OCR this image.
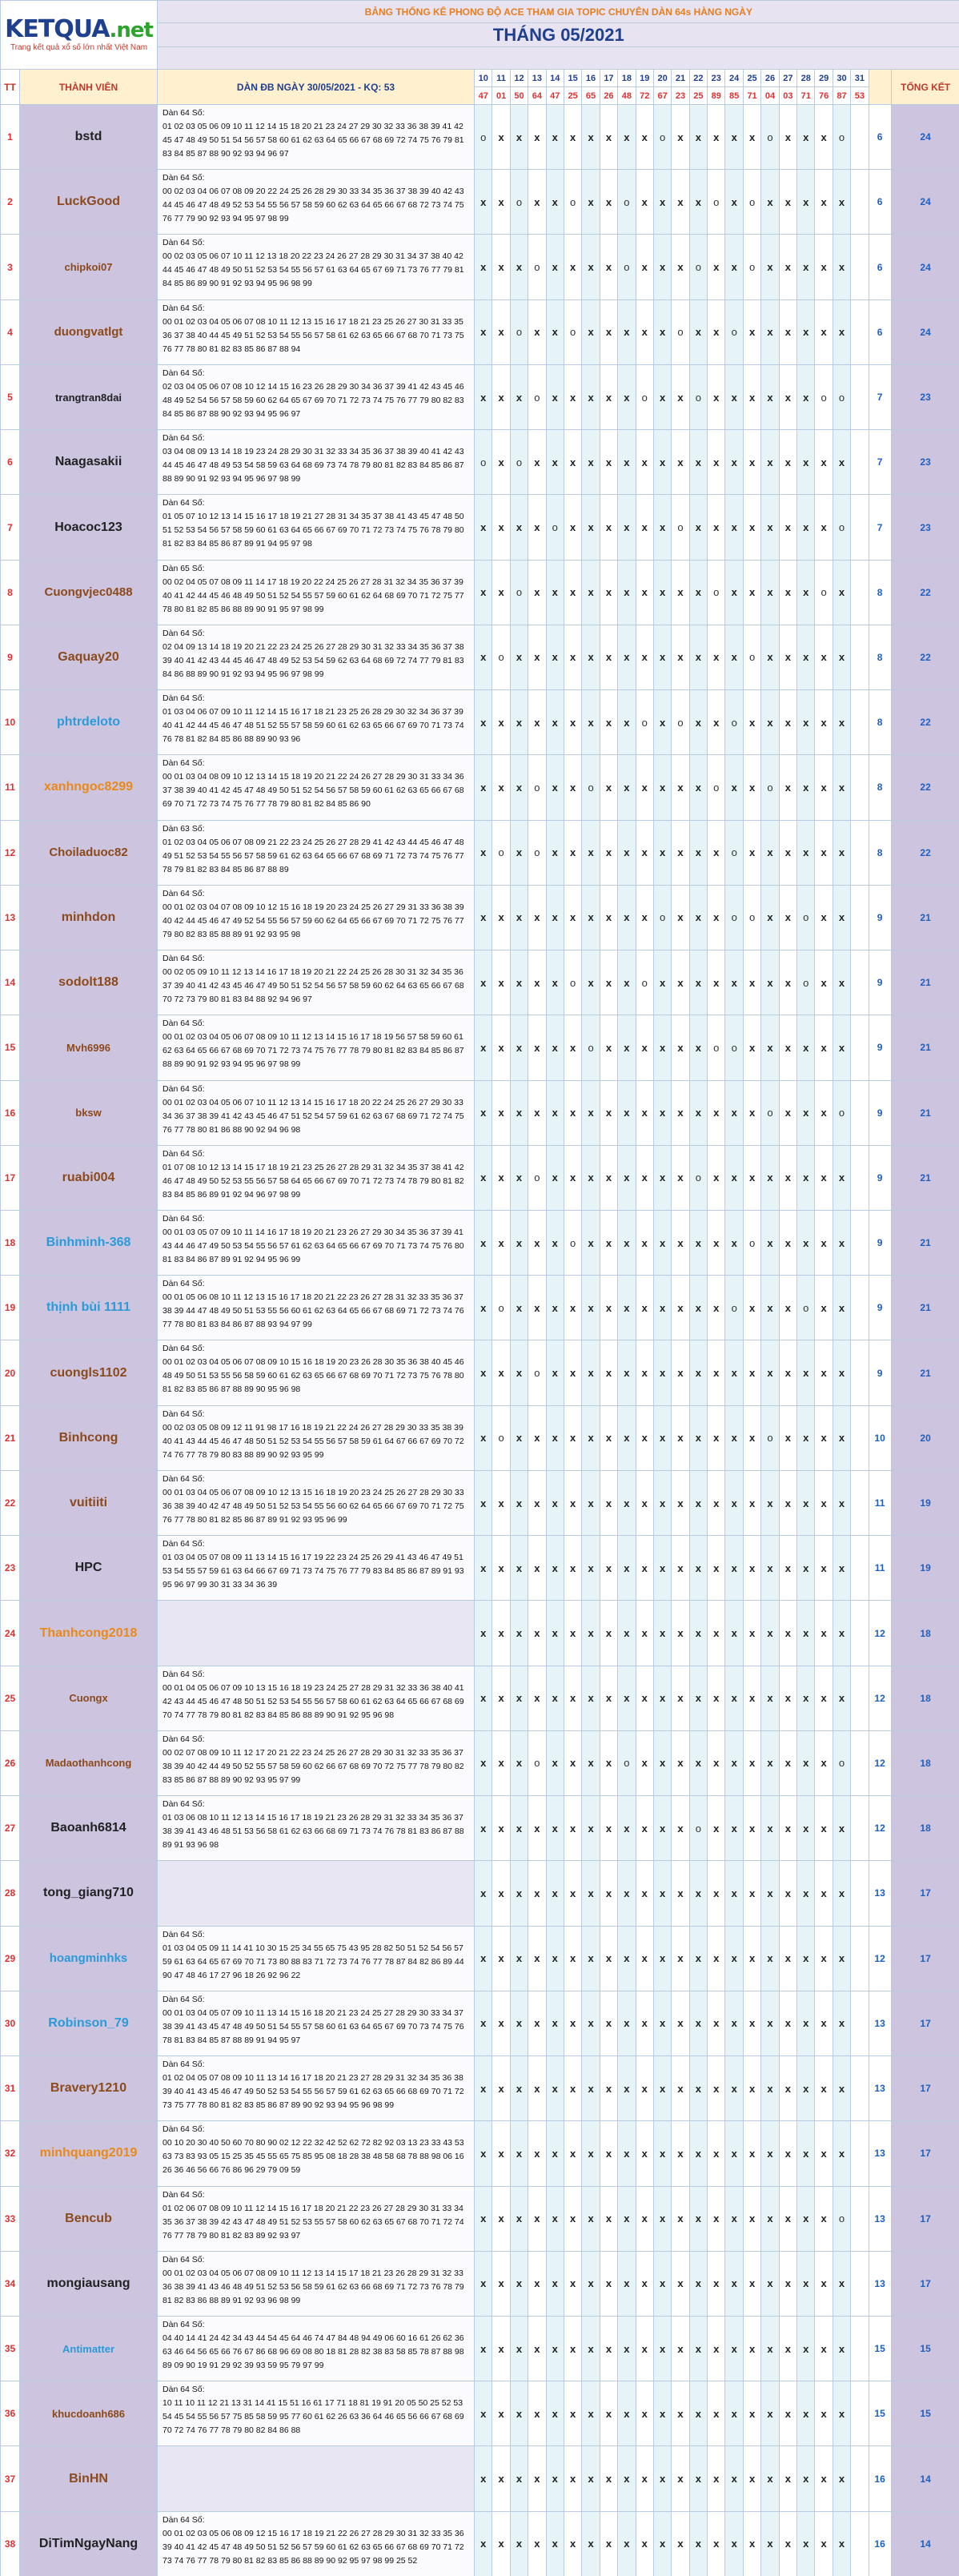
KETQUA.net
Trang kết quả xổ số lớn nhất Việt Nam		BẢNG THỐNG KÊ PHONG ĐỘ ACE THAM GIA TOPIC CHUYÊN DÀN 64s HÀNG NGÀY																								
		THÁNG 05/2021																								

TT	THÀNH VIÊN	DÀN ĐB NGÀY 30/05/2021 - KQ: 53	10	11	12	13	14	15	16	17	18	19	20	21	22	23	24	25	26	27	28	29	30	31		TỔNG KẾT
			47	01	50	64	47	25	65	26	48	72	67	23	25	89	85	71	04	03	71	76	87	53		
1	bstd	Dàn 64 Số:
01 02 03 05 06 09 10 11 12 14 15 18 20 21 23 24 27 29 30 32 33 36 38 39 41 42 45 47 48 49 50 51 54 56 57 58 60 61 62 63 64 65 66 67 68 69 72 74 75 76 79 81 83 84 85 87 88 90 92 93 94 96 97	o	x	x	x	x	x	x	x	x	x	o	x	x	x	x	x	o	x	x	x	o		6	24
2	LuckGood	Dàn 64 Số:
00 02 03 04 06 07 08 09 20 22 24 25 26 28 29 30 33 34 35 36 37 38 39 40 42 43 44 45 46 47 48 49 52 53 54 55 56 57 58 59 60 62 63 64 65 66 67 68 72 73 74 75 76 77 79 90 92 93 94 95 97 98 99	x	x	o	x	x	o	x	x	o	x	x	x	x	o	x	o	x	x	x	x	x		6	24
3	chipkoi07	Dàn 64 Số:
00 02 03 05 06 07 10 11 12 13 18 20 22 23 24 26 27 28 29 30 31 34 37 38 40 42 44 45 46 47 48 49 50 51 52 53 54 55 56 57 61 63 64 65 67 69 71 73 76 77 79 81 84 85 86 89 90 91 92 93 94 95 96 98 99	x	x	x	o	x	x	x	x	o	x	x	x	o	x	x	o	x	x	x	x	x		6	24
4	duongvatlgt	Dàn 64 Số:
00 01 02 03 04 05 06 07 08 10 11 12 13 15 16 17 18 21 23 25 26 27 30 31 33 35 36 37 38 40 44 45 49 51 52 53 54 55 56 57 58 61 62 63 65 66 67 68 70 71 73 75 76 77 78 80 81 82 83 85 86 87 88 94	x	x	o	x	x	o	x	x	x	x	x	o	x	x	o	x	x	x	x	x	x		6	24
5	trangtran8dai	Dàn 64 Số:
02 03 04 05 06 07 08 10 12 14 15 16 23 26 28 29 30 34 36 37 39 41 42 43 45 46 48 49 52 54 56 57 58 59 60 62 64 65 67 69 70 71 72 73 74 75 76 77 79 80 82 83 84 85 86 87 88 90 92 93 94 95 96 97	x	x	x	o	x	x	x	x	x	o	x	x	o	x	x	x	x	x	x	o	o		7	23
6	Naagasakii	Dàn 64 Số:
03 04 08 09 13 14 18 19 23 24 28 29 30 31 32 33 34 35 36 37 38 39 40 41 42 43 44 45 46 47 48 49 53 54 58 59 63 64 68 69 73 74 78 79 80 81 82 83 84 85 86 87 88 89 90 91 92 93 94 95 96 97 98 99	o	x	o	x	x	x	x	x	x	x	x	x	x	x	x	x	x	x	x	x	x		7	23
7	Hoacoc123	Dàn 64 Số:
01 05 07 10 12 13 14 15 16 17 18 19 21 27 28 31 34 35 37 38 41 43 45 47 48 50 51 52 53 54 56 57 58 59 60 61 63 64 65 66 67 69 70 71 72 73 74 75 76 78 79 80 81 82 83 84 85 86 87 89 91 94 95 97 98	x	x	x	x	o	x	x	x	x	x	x	o	x	x	x	x	x	x	x	x	o		7	23
8	Cuongvjec0488	Dàn 65 Số:
00 02 04 05 07 08 09 11 14 17 18 19 20 22 24 25 26 27 28 31 32 34 35 36 37 39 40 41 42 44 45 46 48 49 50 51 52 54 55 57 59 60 61 62 64 68 69 70 71 72 75 77 78 80 81 82 85 86 88 89 90 91 95 97 98 99	x	x	o	x	x	x	x	x	x	x	x	x	x	o	x	x	x	x	x	o	x		8	22
9	Gaquay20	Dàn 64 Số:
02 04 09 13 14 18 19 20 21 22 23 24 25 26 27 28 29 30 31 32 33 34 35 36 37 38 39 40 41 42 43 44 45 46 47 48 49 52 53 54 59 62 63 64 68 69 72 74 77 79 81 83 84 86 88 89 90 91 92 93 94 95 96 97 98 99	x	o	x	x	x	x	x	x	x	x	x	x	x	x	x	o	x	x	x	x	x		8	22
10	phtrdeloto	Dàn 64 Số:
01 03 04 06 07 09 10 11 12 14 15 16 17 18 21 23 25 26 28 29 30 32 34 36 37 39 40 41 42 44 45 46 47 48 51 52 55 57 58 59 60 61 62 63 65 66 67 69 70 71 73 74 76 78 81 82 84 85 86 88 89 90 93 96	x	x	x	x	x	x	x	x	x	o	x	o	x	x	o	x	x	x	x	x	x		8	22
11	xanhngoc8299	Dàn 64 Số:
00 01 03 04 08 09 10 12 13 14 15 18 19 20 21 22 24 26 27 28 29 30 31 33 34 36 37 38 39 40 41 42 45 47 48 49 50 51 52 54 56 57 58 59 60 61 62 63 65 66 67 68 69 70 71 72 73 74 75 76 77 78 79 80 81 82 84 85 86 90	x	x	x	o	x	x	o	x	x	x	x	x	x	o	x	x	o	x	x	x	x		8	22
12	Choiladuoc82	Dàn 63 Số:
01 02 03 04 05 06 07 08 09 21 22 23 24 25 26 27 28 29 41 42 43 44 45 46 47 48 49 51 52 53 54 55 56 57 58 59 61 62 63 64 65 66 67 68 69 71 72 73 74 75 76 77 78 79 81 82 83 84 85 86 87 88 89	x	o	x	o	x	x	x	x	x	x	x	x	x	x	o	x	x	x	x	x	x		8	22
13	minhdon	Dàn 64 Số:
00 01 02 03 04 07 08 09 10 12 15 16 18 19 20 23 24 25 26 27 29 31 33 36 38 39 40 42 44 45 46 47 49 52 54 55 56 57 59 60 62 64 65 66 67 69 70 71 72 75 76 77 79 80 82 83 85 88 89 91 92 93 95 98	x	x	x	x	x	x	x	x	x	x	o	x	x	x	o	o	x	x	o	x	x		9	21
14	sodolt188	Dàn 64 Số:
00 02 05 09 10 11 12 13 14 16 17 18 19 20 21 22 24 25 26 28 30 31 32 34 35 36 37 39 40 41 42 43 45 46 47 49 50 51 52 54 56 57 58 59 60 62 64 63 65 66 67 68 70 72 73 79 80 81 83 84 88 92 94 96 97	x	x	x	x	x	o	x	x	x	o	x	x	x	x	x	x	x	x	o	x	x		9	21
15	Mvh6996	Dàn 64 Số:
00 01 02 03 04 05 06 07 08 09 10 11 12 13 14 15 16 17 18 19 56 57 58 59 60 61 62 63 64 65 66 67 68 69 70 71 72 73 74 75 76 77 78 79 80 81 82 83 84 85 86 87 88 89 90 91 92 93 94 95 96 97 98 99	x	x	x	x	x	x	o	x	x	x	x	x	x	o	o	x	x	x	x	x	x		9	21
16	bksw	Dàn 64 Số:
00 01 02 03 04 05 06 07 10 11 12 13 14 15 16 17 18 20 22 24 25 26 27 29 30 33 34 36 37 38 39 41 42 43 45 46 47 51 52 54 57 59 61 62 63 67 68 69 71 72 74 75 76 77 78 80 81 86 88 90 92 94 96 98	x	x	x	x	x	x	x	x	x	x	x	x	x	x	x	x	o	x	x	x	o		9	21
17	ruabi004	Dàn 64 Số:
01 07 08 10 12 13 14 15 17 18 19 21 23 25 26 27 28 29 31 32 34 35 37 38 41 42 46 47 48 49 50 52 53 55 56 57 58 64 65 66 67 69 70 71 72 73 74 78 79 80 81 82 83 84 85 86 89 91 92 94 96 97 98 99	x	x	x	o	x	x	x	x	x	x	x	x	o	x	x	x	x	x	x	x	x		9	21
18	Binhminh-368	Dàn 64 Số:
00 01 03 05 07 09 10 11 14 16 17 18 19 20 21 23 26 27 29 30 34 35 36 37 39 41 43 44 46 47 49 50 53 54 55 56 57 61 62 63 64 65 66 67 69 70 71 73 74 75 76 80 81 83 84 86 87 89 91 92 94 95 96 99	x	x	x	x	x	o	x	x	x	x	x	x	x	x	x	o	x	x	x	x	x		9	21
19	thịnh bùi 1111	Dàn 64 Số:
00 01 05 06 08 10 11 12 13 15 16 17 18 20 21 22 23 26 27 28 31 32 33 35 36 37 38 39 44 47 48 49 50 51 53 55 56 60 61 62 63 64 65 66 67 68 69 71 72 73 74 76 77 78 80 81 83 84 86 87 88 93 94 97 99	x	o	x	x	x	x	x	x	x	x	x	x	x	x	o	x	x	x	o	x	x		9	21
20	cuongls1102	Dàn 64 Số:
00 01 02 03 04 05 06 07 08 09 10 15 16 18 19 20 23 26 28 30 35 36 38 40 45 46 48 49 50 51 53 55 56 58 59 60 61 62 63 65 66 67 68 69 70 71 72 73 75 76 78 80 81 82 83 85 86 87 88 89 90 95 96 98	x	x	x	o	x	x	x	x	x	x	x	x	x	x	x	x	x	x	x	x	x		9	21
21	Binhcong	Dàn 64 Số:
00 02 03 05 08 09 12 11 91 98 17 16 18 19 21 22 24 26 27 28 29 30 33 35 38 39 40 41 43 44 45 46 47 48 50 51 52 53 54 55 56 57 58 59 61 64 67 66 67 69 70 72 74 76 77 78 79 80 83 88 89 90 92 93 95 99	x	o	x	x	x	x	x	x	x	x	x	x	x	x	x	x	o	x	x	x	x		10	20
22	vuitiiti	Dàn 64 Số:
00 01 03 04 05 06 07 08 09 10 12 13 15 16 18 19 20 23 24 25 26 27 28 29 30 33 36 38 39 40 42 47 48 49 50 51 52 53 54 55 56 60 62 64 65 66 67 69 70 71 72 75 76 77 78 80 81 82 85 86 87 89 91 92 93 95 96 99	x	x	x	x	x	x	x	x	x	x	x	x	x	x	x	x	x	x	x	x	x		11	19
23	HPC	Dàn 64 Số:
01 03 04 05 07 08 09 11 13 14 15 16 17 19 22 23 24 25 26 29 41 43 46 47 49 51 53 54 55 57 59 61 63 64 66 67 69 71 73 74 75 76 77 79 83 84 85 86 87 89 91 93 95 96 97 99 30 31 33 34 36 39	x	x	x	x	x	x	x	x	x	x	x	x	x	x	x	x	x	x	x	x	x		11	19
24	Thanhcong2018		x	x	x	x	x	x	x	x	x	x	x	x	x	x	x	x	x	x	x	x	x		12	18
25	Cuongx	Dàn 64 Số:
00 01 04 05 06 07 09 10 13 15 16 18 19 23 24 25 27 28 29 31 32 33 36 38 40 41 42 43 44 45 46 47 48 50 51 52 53 54 55 56 57 58 60 61 62 63 64 65 66 67 68 69 70 74 77 78 79 80 81 82 83 84 85 86 88 89 90 91 92 95 96 98	x	x	x	x	x	x	x	x	x	x	x	x	x	x	x	x	x	x	x	x	x		12	18
26	Madaothanhcong	Dàn 64 Số:
00 02 07 08 09 10 11 12 17 20 21 22 23 24 25 26 27 28 29 30 31 32 33 35 36 37 38 39 40 42 44 49 50 52 55 57 58 59 60 62 66 67 68 69 70 72 75 77 78 79 80 82 83 85 86 87 88 89 90 92 93 95 97 99	x	x	x	o	x	x	x	x	o	x	x	x	x	x	x	x	x	x	x	x	o		12	18
27	Baoanh6814	Dàn 64 Số:
01 03 06 08 10 11 12 13 14 15 16 17 18 19 21 23 26 28 29 31 32 33 34 35 36 37 38 39 41 43 46 48 51 53 56 58 61 62 63 66 68 69 71 73 74 76 78 81 83 86 87 88 89 91 93 96 98	x	x	x	x	x	x	x	x	x	x	x	x	o	x	x	x	x	x	x	x	x		12	18
28	tong_giang710		x	x	x	x	x	x	x	x	x	x	x	x	x	x	x	x	x	x	x	x	x		13	17
29	hoangminhks	Dàn 64 Số:
01 03 04 05 09 11 14 41 10 30 15 25 34 55 65 75 43 95 28 82 50 51 52 54 56 57 59 61 63 64 65 67 69 70 71 73 80 88 83 71 72 73 74 76 77 78 87 84 82 86 89 44 90 47 48 46 17 27 96 18 26 92 96 22	x	x	x	x	x	x	x	x	x	x	x	x	x	x	x	x	x	x	x	x	x		12	17
30	Robinson_79	Dàn 64 Số:
00 01 03 04 05 07 09 10 11 13 14 15 16 18 20 21 23 24 25 27 28 29 30 33 34 37 38 39 41 43 45 47 48 49 50 51 54 55 57 58 60 61 63 64 65 67 69 70 73 74 75 76 78 81 83 84 85 87 88 89 91 94 95 97	x	x	x	x	x	x	x	x	x	x	x	x	x	x	x	x	x	x	x	x	x		13	17
31	Bravery1210	Dàn 64 Số:
01 02 04 05 07 08 09 10 11 13 14 16 17 18 20 21 23 27 28 29 31 32 34 35 36 38 39 40 41 43 45 46 47 49 50 52 53 54 55 56 57 59 61 62 63 65 66 68 69 70 71 72 73 75 77 78 80 81 82 83 85 86 87 89 90 92 93 94 95 96 98 99	x	x	x	x	x	x	x	x	x	x	x	x	x	x	x	x	x	x	x	x	x		13	17
32	minhquang2019	Dàn 64 Số:
00 10 20 30 40 50 60 70 80 90 02 12 22 32 42 52 62 72 82 92 03 13 23 33 43 53 63 73 83 93 05 15 25 35 45 55 65 75 85 95 08 18 28 38 48 58 68 78 88 98 06 16 26 36 46 56 66 76 86 96 29 79 09 59	x	x	x	x	x	x	x	x	x	x	x	x	x	x	x	x	x	x	x	x	x		13	17
33	Bencub	Dàn 64 Số:
01 02 06 07 08 09 10 11 12 14 15 16 17 18 20 21 22 23 26 27 28 29 30 31 33 34 35 36 37 38 39 42 43 47 48 49 51 52 53 55 57 58 60 62 63 65 67 68 70 71 72 74 76 77 78 79 80 81 82 83 89 92 93 97	x	x	x	x	x	x	x	x	x	x	x	x	x	x	x	x	x	x	x	x	o		13	17
34	mongiausang	Dàn 64 Số:
00 01 02 03 04 05 06 07 08 09 10 11 12 13 14 15 17 18 21 23 26 28 29 31 32 33 36 38 39 41 43 46 48 49 51 52 53 56 58 59 61 62 63 66 68 69 71 72 73 76 78 79 81 82 83 86 88 89 91 92 93 96 98 99	x	x	x	x	x	x	x	x	x	x	x	x	x	x	x	x	x	x	x	x	x		13	17
35	Antimatter	Dàn 64 Số:
04 40 14 41 24 42 34 43 44 54 45 64 46 74 47 84 48 94 49 06 60 16 61 26 62 36 63 46 64 56 65 66 76 67 86 68 96 69 08 80 18 81 28 82 38 83 58 85 78 87 88 98 89 09 90 19 91 29 92 39 93 59 95 79 97 99	x	x	x	x	x	x	x	x	x	x	x	x	x	x	x	x	x	x	x	x	x		15	15
36	khucdoanh686	Dàn 64 Số:
10 11 10 11 12 21 13 31 14 41 15 51 16 61 17 71 18 81 19 91 20 05 50 25 52 53 54 45 54 55 56 57 75 85 58 59 95 77 60 61 62 26 63 36 64 46 65 56 66 67 68 69 70 72 74 76 77 78 79 80 82 84 86 88	x	x	x	x	x	x	x	x	x	x	x	x	x	x	x	x	x	x	x	x	x		15	15
37	BinHN		x	x	x	x	x	x	x	x	x	x	x	x	x	x	x	x	x	x	x	x	x		16	14
38	DiTimNgayNang	Dàn 64 Số:
00 01 02 03 05 06 08 09 12 15 16 17 18 19 21 22 26 27 28 29 30 31 32 33 35 36 39 40 41 42 45 47 48 49 50 51 52 56 57 59 60 61 62 63 65 66 67 68 69 70 71 72 73 74 76 77 78 79 80 81 82 83 85 86 88 89 90 92 95 97 98 99 25 52	x	x	x	x	x	x	x	x	x	x	x	x	x	x	x	x	x	x	x	x	x		16	14
